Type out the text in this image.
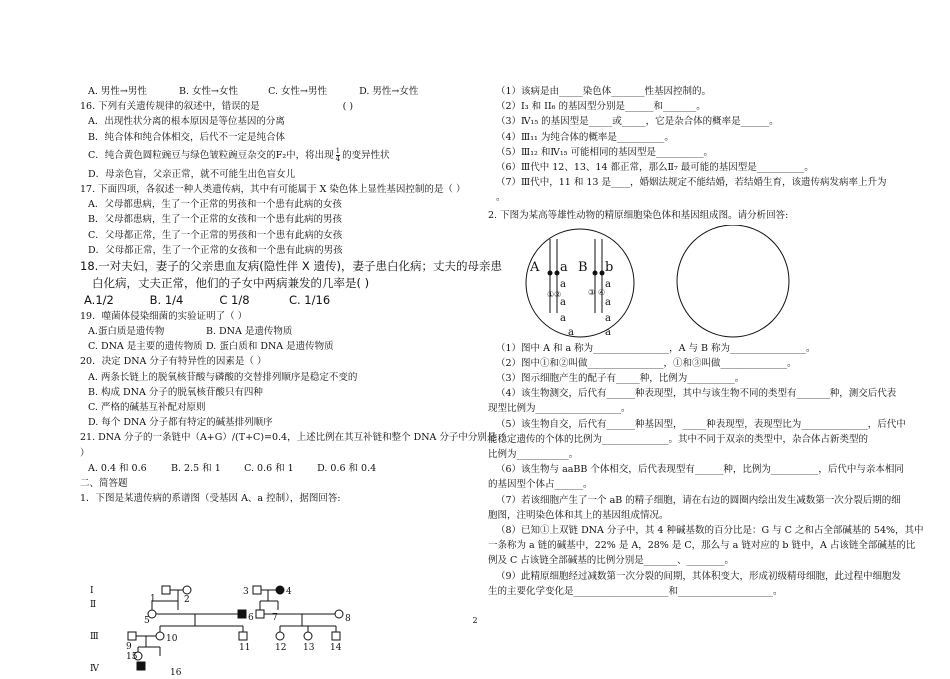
A. 男性→男性	B. 女性→女性	C. 女性→男性	D. 男性→女性
16. 下列有关遗传规律的叙述中，错误的是	( )
A．出现性状分离的根本原因是等位基因的分离
B．纯合体和纯合体相交，后代不一定是纯合体
C．纯合黄色圆粒豌豆与绿色皱粒豌豆杂交的F₂中，将出现 $\frac{1}{4}$ 的变异性状
D．母亲色盲，父亲正常，就不可能生出色盲女儿
17. 下面四项，各叙述一种人类遗传病，其中有可能属于 X 染色体上显性基因控制的是（ ）
A．父母都患病，生了一个正常的男孩和一个患有此病的女孩
B．父母都患病，生了一个正常的女孩和一个患有此病的男孩
C．父母都正常，生了一个正常的男孩和一个患有此病的女孩
D．父母都正常，生了一个正常的女孩和一个患有此病的男孩
18.一对夫妇，妻子的父亲患血友病(隐性伴 X 遗传)，妻子患白化病；丈夫的母亲患
白化病，丈夫正常，他们的子女中两病兼发的几率是( )
A.1/2	B. 1/4	C 1/8	C. 1/16
19．噬菌体侵染细菌的实验证明了（ ）
A.蛋白质是遗传物	B. DNA 是遗传物质
C. DNA 是主要的遗传物质 D. 蛋白质和 DNA 是遗传物质
20．决定 DNA 分子有特异性的因素是（ ）
A. 两条长链上的脱氧核苷酸与磷酸的交替排列顺序是稳定不变的
B. 构成 DNA 分子的脱氧核苷酸只有四种
C. 严格的碱基互补配对原则
D. 每个 DNA 分子都有特定的碱基排列顺序
21. DNA 分子的一条链中（A+G）/(T+C)=0.4，上述比例在其互补链和整个 DNA 分子中分别是（
）
A. 0.4 和 0.6	B. 2.5 和 1 C. 0.6 和 1 D. 0.6 和 0.4
二、简答题
1．下图是某遗传病的系谱图（受基因 A、a 控制），据图回答:
Ⅰ
Ⅱ
Ⅲ
Ⅳ
1	2
3	4
5	6 7	8
9
10
11	12 13 14
15
16
（1）该病是由_____染色体_______性基因控制的。
（2）I₃ 和 II₆ 的基因型分别是______和_______。
（3）Ⅳ₁₅ 的基因型是_____或_____，它是杂合体的概率是______。
（4）Ⅲ₁₁ 为纯合体的概率是__________。
（5）Ⅲ₁₂ 和Ⅳ₁₅ 可能相同的基因型是__________。
（6）Ⅲ代中 12、13、14 都正常，那么Ⅱ₇ 最可能的基因型是__________。
（7）Ⅲ代中，11 和 13 是____，婚姻法规定不能结婚，若结婚生育，该遗传病发病率上升为
。
2. 下图为某高等雄性动物的精原细胞染色体和基因组成图。请分析回答:
A a B b
a	a
a	a
a	a
a	a
① ②	③ ④
（1）图中 A 和 a 称为________________，A 与 B 称为________________。
（2）图中①和②叫做________________，①和③叫做______________。
（3）图示细胞产生的配子有_____种，比例为__________。
（4）该生物测交，后代有______种表现型，其中与该生物不同的类型有_______种，测交后代表
现型比例为__________________。
（5）该生物自交，后代有______种基因型，_____种表现型，表现型比为______________，后代中
能稳定遗传的个体的比例为______________。其中不同于双亲的类型中，杂合体占新类型的
比例为___________。
（6）该生物与 aaBB 个体相交，后代表现型有______种，比例为__________，后代中与亲本相同
的基因型个体占______。
（7）若该细胞产生了一个 aB 的精子细胞，请在右边的圆圈内绘出发生减数第一次分裂后期的细
胞图，注明染色体和其上的基因组成情况。
（8）已知①上双链 DNA 分子中，其 4 种碱基数的百分比是：G 与 C 之和占全部碱基的 54%，其中
一条称为 a 链的碱基中，22% 是 A，28% 是 C，那么与 a 链对应的 b 链中，A 占该链全部碱基的比
例及 C 占该链全部碱基的比例分别是_______、________。
（9）此精原细胞经过减数第一次分裂的间期，其体积变大，形成初级精母细胞，此过程中细胞发
生的主要化学变化是____________________和____________________。
2
